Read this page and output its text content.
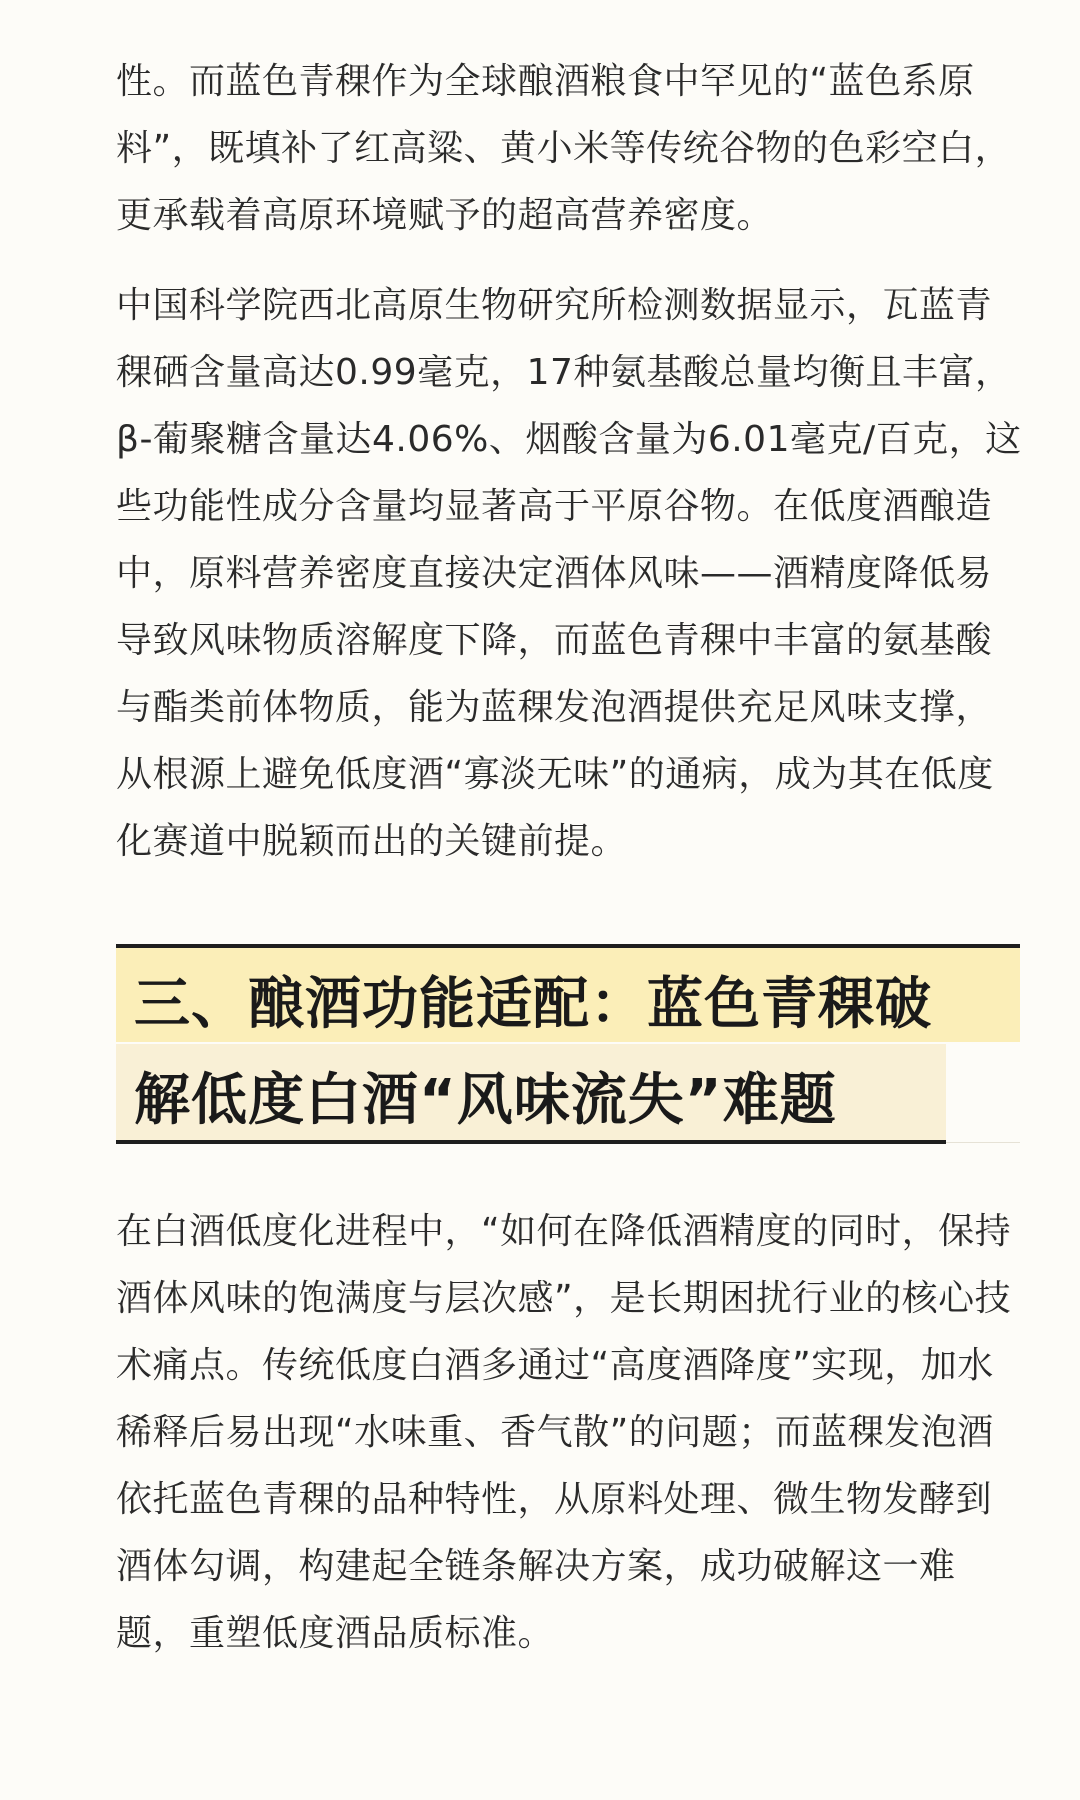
性。而蓝色青稞作为全球酿酒粮食中罕见的“蓝色系原料”，既填补了红高粱、黄小米等传统谷物的色彩空白，更承载着高原环境赋予的超高营养密度。

中国科学院西北高原生物研究所检测数据显示，瓦蓝青稞硒含量高达0.99毫克，17种氨基酸总量均衡且丰富，β-葡聚糖含量达4.06%、烟酸含量为6.01毫克/百克，这些功能性成分含量均显著高于平原谷物。在低度酒酿造中，原料营养密度直接决定酒体风味——酒精度降低易导致风味物质溶解度下降，而蓝色青稞中丰富的氨基酸与酯类前体物质，能为蓝稞发泡酒提供充足风味支撑，从根源上避免低度酒“寡淡无味”的通病，成为其在低度化赛道中脱颖而出的关键前提。

三、酿酒功能适配：蓝色青稞破
解低度白酒“风味流失”难题

在白酒低度化进程中，“如何在降低酒精度的同时，保持酒体风味的饱满度与层次感”，是长期困扰行业的核心技术痛点。传统低度白酒多通过“高度酒降度”实现，加水稀释后易出现“水味重、香气散”的问题；而蓝稞发泡酒依托蓝色青稞的品种特性，从原料处理、微生物发酵到酒体勾调，构建起全链条解决方案，成功破解这一难题，重塑低度酒品质标准。
